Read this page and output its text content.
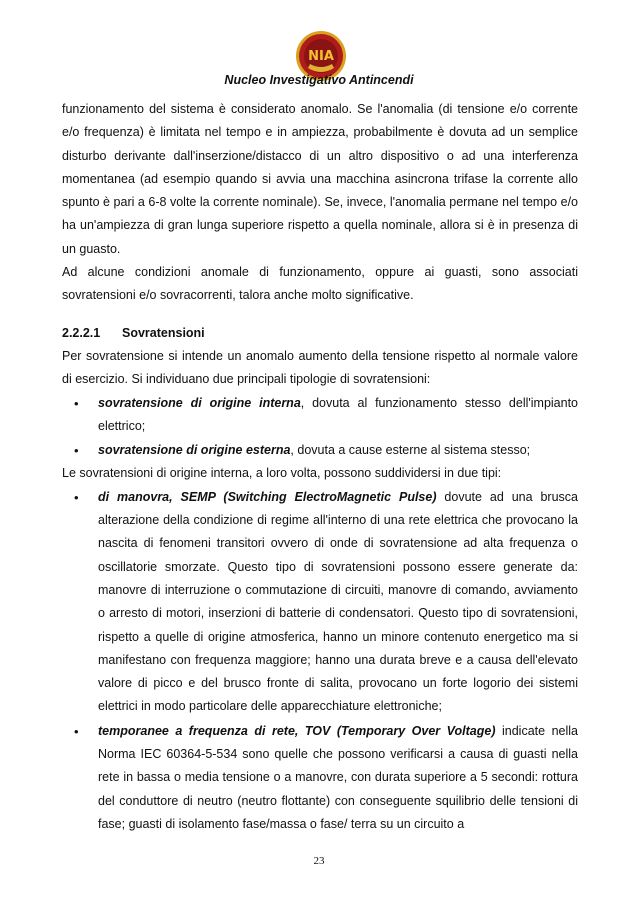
NIA
Nucleo Investigativo Antincendi

funzionamento del sistema è considerato anomalo. Se l'anomalia (di tensione e/o corrente e/o frequenza) è limitata nel tempo e in ampiezza, probabilmente è dovuta ad un semplice disturbo derivante dall'inserzione/distacco di un altro dispositivo o ad una interferenza momentanea (ad esempio quando si avvia una macchina asincrona trifase la corrente allo spunto è pari a 6-8 volte la corrente nominale). Se, invece, l'anomalia permane nel tempo e/o ha un'ampiezza di gran lunga superiore rispetto a quella nominale, allora si è in presenza di un guasto.

Ad alcune condizioni anomale di funzionamento, oppure ai guasti, sono associati sovratensioni e/o sovracorrenti, talora anche molto significative.

2.2.2.1 Sovratensioni

Per sovratensione si intende un anomalo aumento della tensione rispetto al normale valore di esercizio. Si individuano due principali tipologie di sovratensioni:

• sovratensione di origine interna, dovuta al funzionamento stesso dell'impianto elettrico;
• sovratensione di origine esterna, dovuta a cause esterne al sistema stesso;

Le sovratensioni di origine interna, a loro volta, possono suddividersi in due tipi:

• di manovra, SEMP (Switching ElectroMagnetic Pulse) dovute ad una brusca alterazione della condizione di regime all'interno di una rete elettrica che provocano la nascita di fenomeni transitori ovvero di onde di sovratensione ad alta frequenza o oscillatorie smorzate. Questo tipo di sovratensioni possono essere generate da: manovre di interruzione o commutazione di circuiti, manovre di comando, avviamento o arresto di motori, inserzioni di batterie di condensatori. Questo tipo di sovratensioni, rispetto a quelle di origine atmosferica, hanno un minore contenuto energetico ma si manifestano con frequenza maggiore; hanno una durata breve e a causa dell'elevato valore di picco e del brusco fronte di salita, provocano un forte logorio dei sistemi elettrici in modo particolare delle apparecchiature elettroniche;
• temporanee a frequenza di rete, TOV (Temporary Over Voltage) indicate nella Norma IEC 60364-5-534 sono quelle che possono verificarsi a causa di guasti nella rete in bassa o media tensione o a manovre, con durata superiore a 5 secondi: rottura del conduttore di neutro (neutro flottante) con conseguente squilibrio delle tensioni di fase; guasti di isolamento fase/massa o fase/ terra su un circuito a
23
